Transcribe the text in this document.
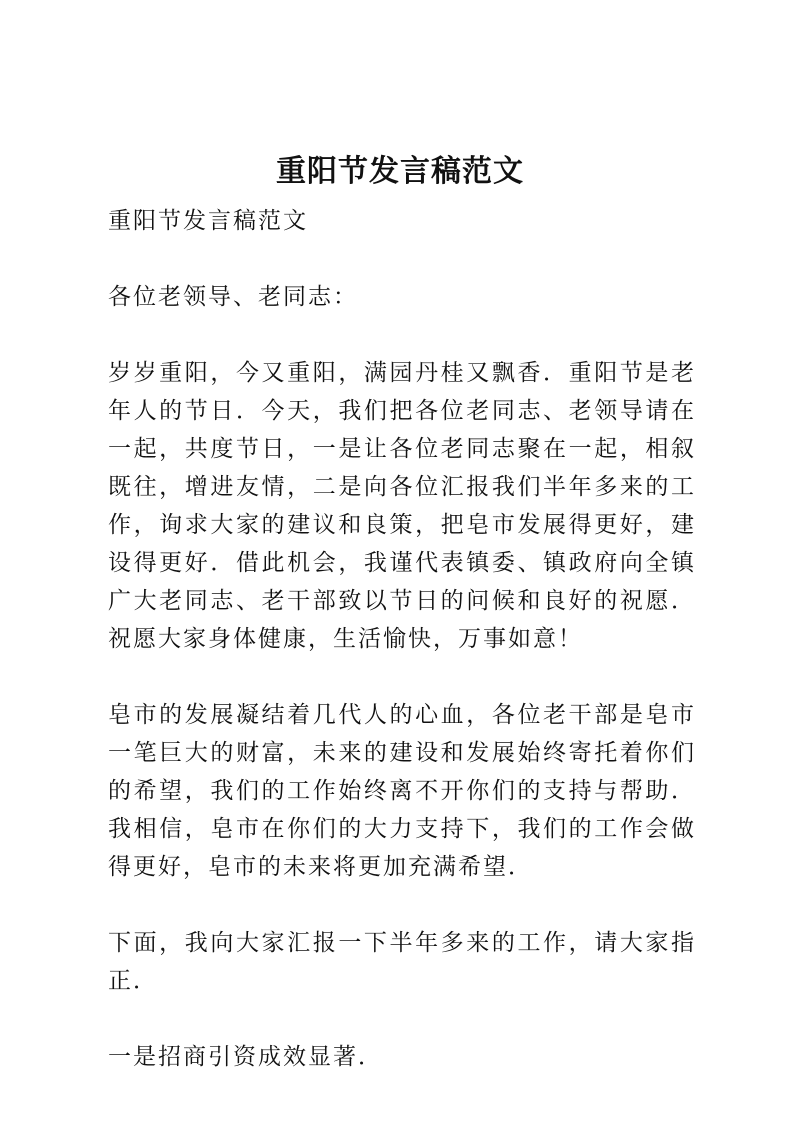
重阳节发言稿范文

重阳节发言稿范文

各位老领导、老同志：

岁岁重阳，今又重阳，满园丹桂又飘香．重阳节是老年人的节日．今天，我们把各位老同志、老领导请在一起，共度节日，一是让各位老同志聚在一起，相叙既往，增进友情，二是向各位汇报我们半年多来的工作，询求大家的建议和良策，把皂市发展得更好，建设得更好．借此机会，我谨代表镇委、镇政府向全镇广大老同志、老干部致以节日的问候和良好的祝愿．祝愿大家身体健康，生活愉快，万事如意！

皂市的发展凝结着几代人的心血，各位老干部是皂市一笔巨大的财富，未来的建设和发展始终寄托着你们的希望，我们的工作始终离不开你们的支持与帮助．我相信，皂市在你们的大力支持下，我们的工作会做得更好，皂市的未来将更加充满希望．

下面，我向大家汇报一下半年多来的工作，请大家指正．

一是招商引资成效显著．
